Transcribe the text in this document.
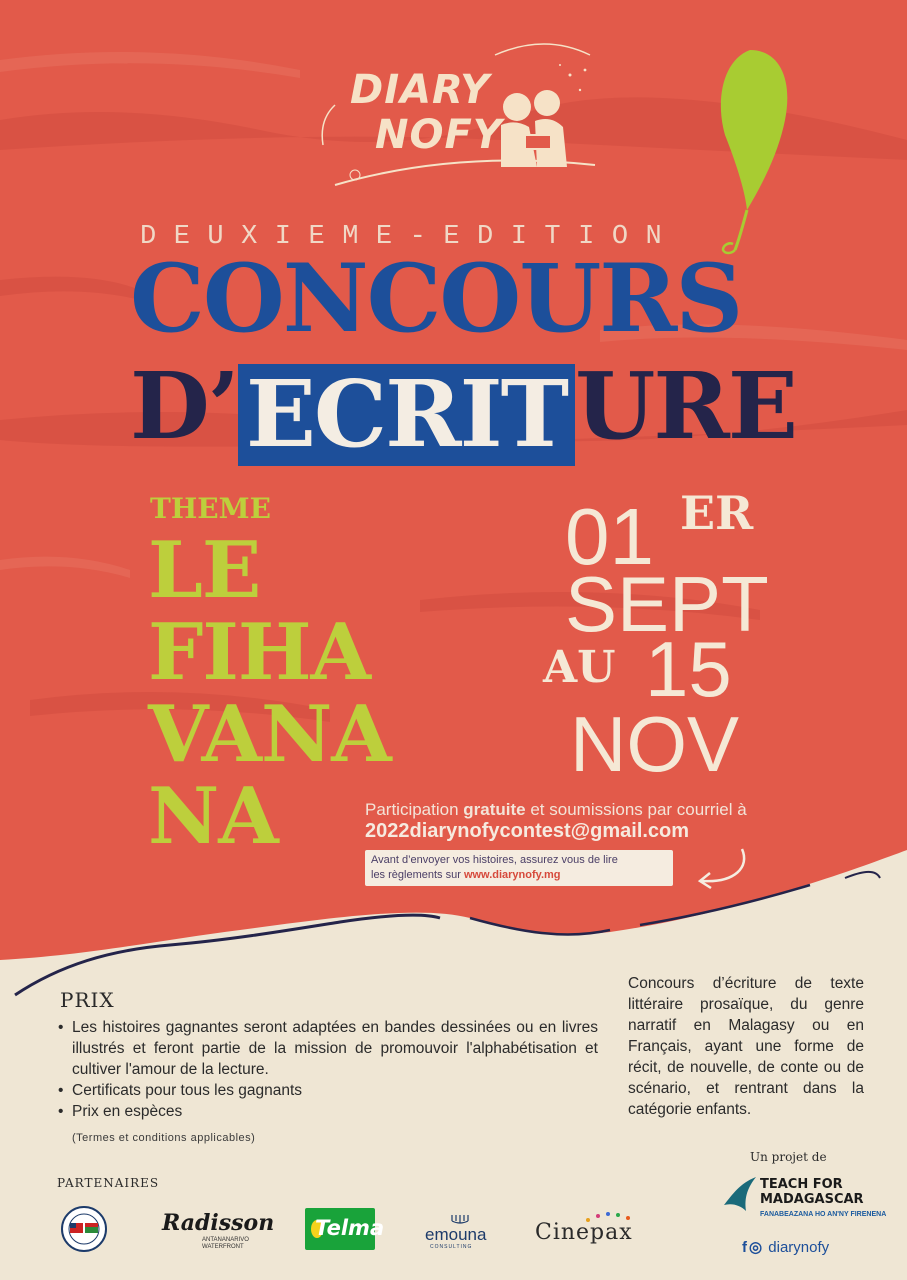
DIARY
NOFY
DEUXIEME-EDITION
CONCOURS
D’ECRITURE
THEME
LE
FIHA
VANA
NA
01 ER
SEPT
AU 15
NOV
Participation gratuite et soumissions par courriel à
2022diarynofycontest@gmail.com
Avant d’envoyer vos histoires, assurez vous de lire
les règlements sur www.diarynofy.mg
PRIX
• Les histoires gagnantes seront adaptées en bandes dessinées ou en livres illustrés et feront partie de la mission de promouvoir l'alphabétisation et cultiver l'amour de la lecture.
• Certificats pour tous les gagnants
• Prix en espèces
(Termes et conditions applicables)
Concours d’écriture de texte littéraire prosaïque, du genre narratif en Malagasy ou en Français, ayant une forme de récit, de nouvelle, de conte ou de scénario, et rentrant dans la catégorie enfants.
Un projet de
TEACH FOR
MADAGASCAR
FANABEAZANA HO AN'NY FIRENENA
f ◎ diarynofy
PARTENAIRES
Radisson
ANTANANARIVO
WATERFRONT
Telma emouna
CONSULTING
Cinepax
